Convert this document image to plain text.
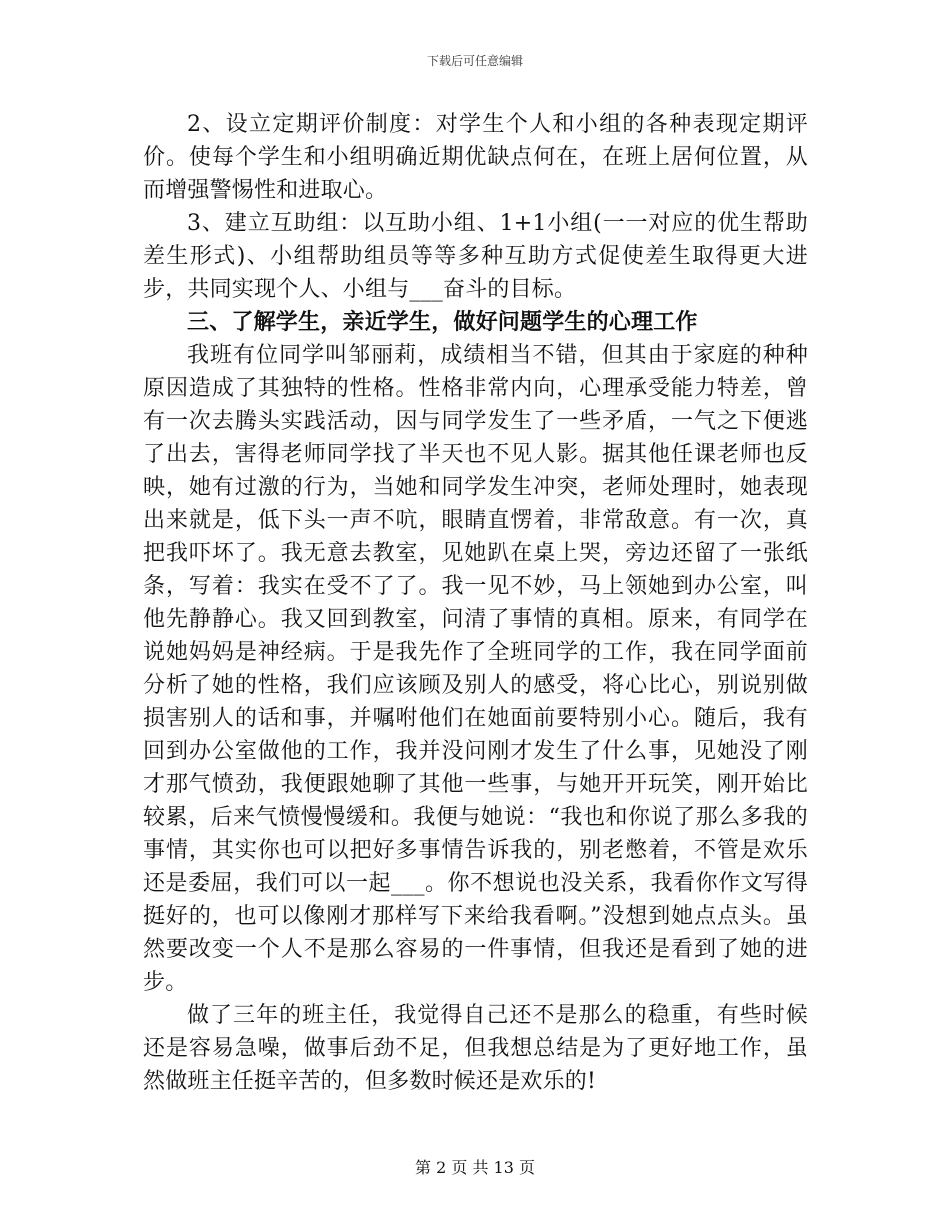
下载后可任意编辑

2、设立定期评价制度：对学生个人和小组的各种表现定期评价。使每个学生和小组明确近期优缺点何在，在班上居何位置，从而增强警惕性和进取心。

3、建立互助组：以互助小组、1+1小组(一一对应的优生帮助差生形式)、小组帮助组员等等多种互助方式促使差生取得更大进步，共同实现个人、小组与___奋斗的目标。

三、了解学生，亲近学生，做好问题学生的心理工作

我班有位同学叫邹丽莉，成绩相当不错，但其由于家庭的种种原因造成了其独特的性格。性格非常内向，心理承受能力特差，曾有一次去腾头实践活动，因与同学发生了一些矛盾，一气之下便逃了出去，害得老师同学找了半天也不见人影。据其他任课老师也反映，她有过激的行为，当她和同学发生冲突，老师处理时，她表现出来就是，低下头一声不吭，眼睛直愣着，非常敌意。有一次，真把我吓坏了。我无意去教室，见她趴在桌上哭，旁边还留了一张纸条，写着：我实在受不了了。我一见不妙，马上领她到办公室，叫他先静静心。我又回到教室，问清了事情的真相。原来，有同学在说她妈妈是神经病。于是我先作了全班同学的工作，我在同学面前分析了她的性格，我们应该顾及别人的感受，将心比心，别说别做损害别人的话和事，并嘱咐他们在她面前要特别小心。随后，我有回到办公室做他的工作，我并没问刚才发生了什么事，见她没了刚才那气愤劲，我便跟她聊了其他一些事，与她开开玩笑，刚开始比较累，后来气愤慢慢缓和。我便与她说：“我也和你说了那么多我的事情，其实你也可以把好多事情告诉我的，别老憋着，不管是欢乐还是委屈，我们可以一起___。你不想说也没关系，我看你作文写得挺好的，也可以像刚才那样写下来给我看啊。”没想到她点点头。虽然要改变一个人不是那么容易的一件事情，但我还是看到了她的进步。

做了三年的班主任，我觉得自己还不是那么的稳重，有些时候还是容易急噪，做事后劲不足，但我想总结是为了更好地工作，虽然做班主任挺辛苦的，但多数时候还是欢乐的!

第 2 页 共 13 页
